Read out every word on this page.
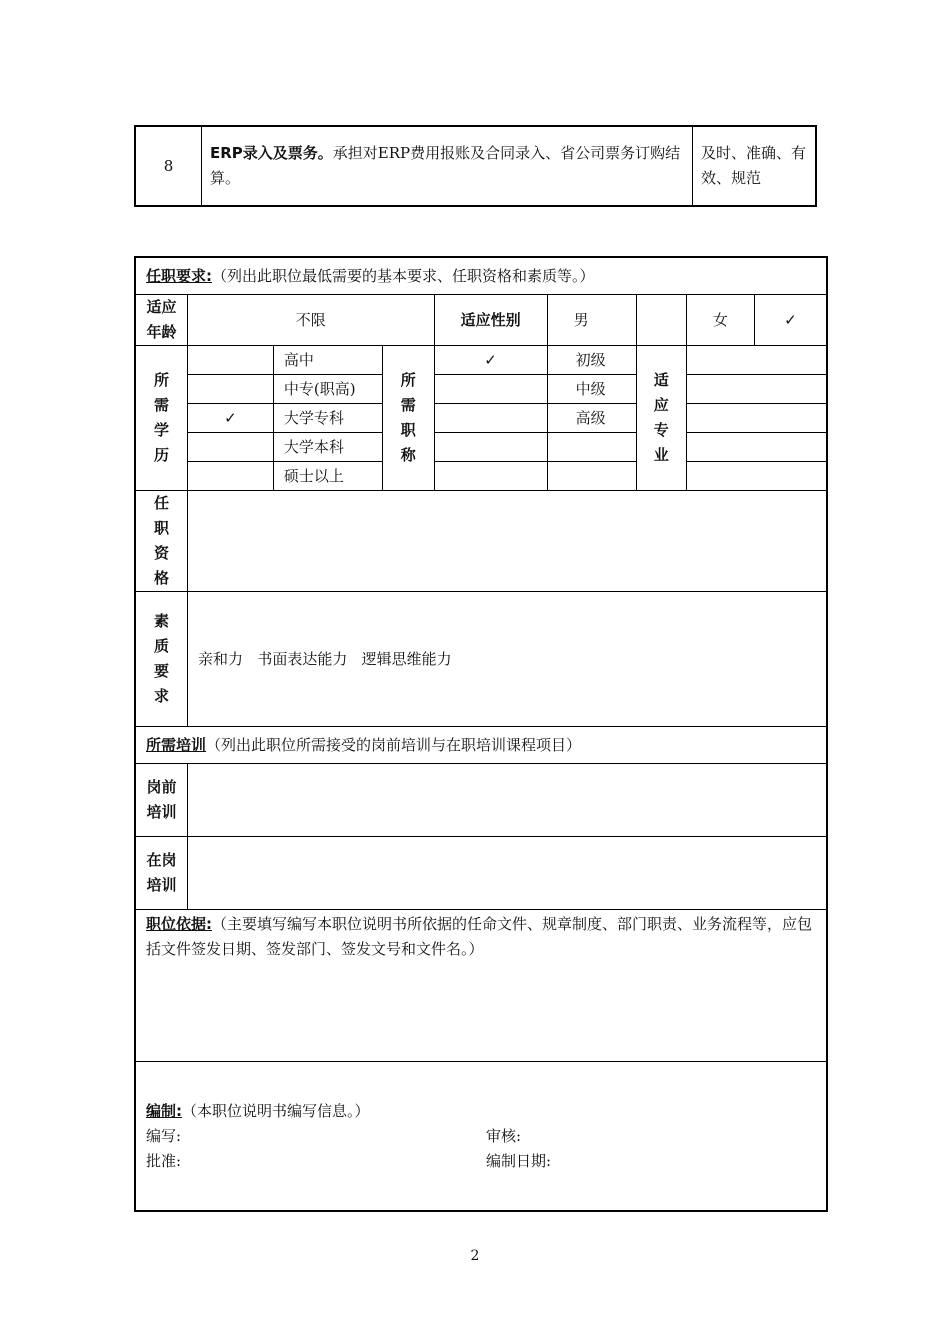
8	ERP录入及票务。承担对ERP费用报账及合同录入、省公司票务订购结算。	及时、准确、有效、规范
任职要求:（列出此职位最低需要的基本要求、任职资格和素质等。）								

适应年龄	不限			适应性别	男		女	✓

所需学历		高中	所需职称	✓	初级	适应专业		

		中专(职高)			中级			
	✓	大学专科			高级			
		大学本科						
		硕士以上						

任职资格								

素质要求	亲和力   书面表达能力   逻辑思维能力							
所需培训（列出此职位所需接受的岗前培训与在职培训课程项目）								

岗前培训								

在岗培训								

职位依据:（主要填写编写本职位说明书所依据的任命文件、规章制度、部门职责、业务流程等，应包括文件签发日期、签发部门、签发文号和文件名。）								

编制:（本职位说明书编写信息。）
编写: 审核:
批准: 编制日期:								
2
